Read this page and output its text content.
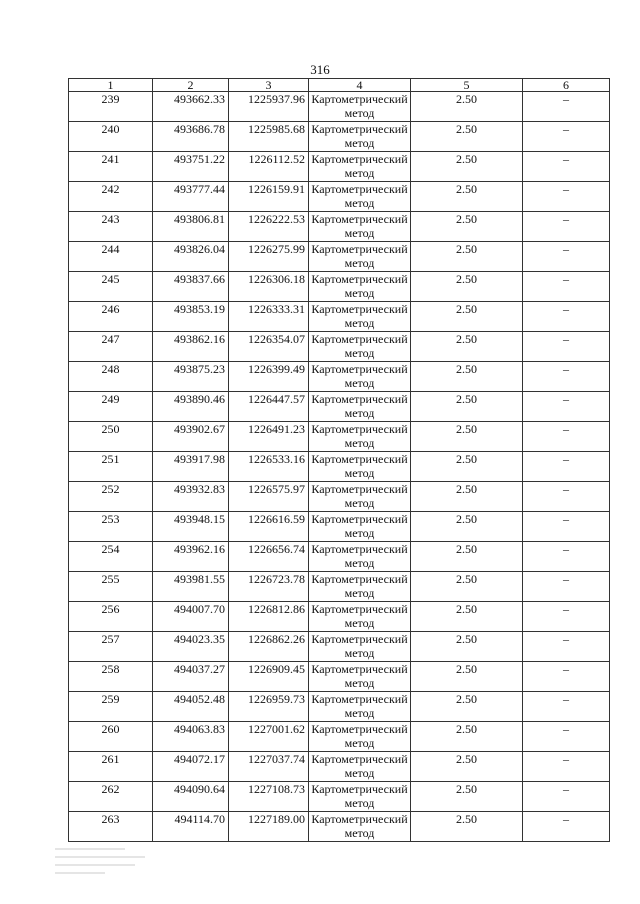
316
1	2	3	4	5	6
239	493662.33	1225937.96	Картометрический метод	2.50	–
240	493686.78	1225985.68	Картометрический метод	2.50	–
241	493751.22	1226112.52	Картометрический метод	2.50	–
242	493777.44	1226159.91	Картометрический метод	2.50	–
243	493806.81	1226222.53	Картометрический метод	2.50	–
244	493826.04	1226275.99	Картометрический метод	2.50	–
245	493837.66	1226306.18	Картометрический метод	2.50	–
246	493853.19	1226333.31	Картометрический метод	2.50	–
247	493862.16	1226354.07	Картометрический метод	2.50	–
248	493875.23	1226399.49	Картометрический метод	2.50	–
249	493890.46	1226447.57	Картометрический метод	2.50	–
250	493902.67	1226491.23	Картометрический метод	2.50	–
251	493917.98	1226533.16	Картометрический метод	2.50	–
252	493932.83	1226575.97	Картометрический метод	2.50	–
253	493948.15	1226616.59	Картометрический метод	2.50	–
254	493962.16	1226656.74	Картометрический метод	2.50	–
255	493981.55	1226723.78	Картометрический метод	2.50	–
256	494007.70	1226812.86	Картометрический метод	2.50	–
257	494023.35	1226862.26	Картометрический метод	2.50	–
258	494037.27	1226909.45	Картометрический метод	2.50	–
259	494052.48	1226959.73	Картометрический метод	2.50	–
260	494063.83	1227001.62	Картометрический метод	2.50	–
261	494072.17	1227037.74	Картометрический метод	2.50	–
262	494090.64	1227108.73	Картометрический метод	2.50	–
263	494114.70	1227189.00	Картометрический метод	2.50	–
